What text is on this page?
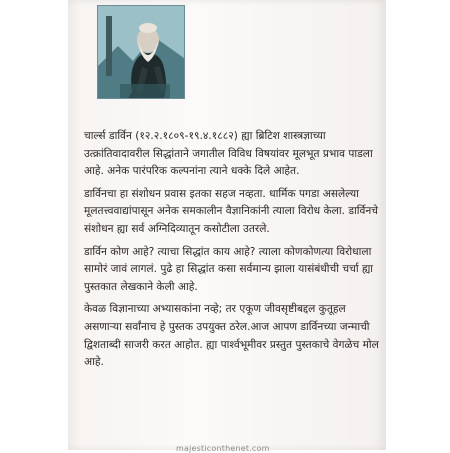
चार्ल्स डार्विन (१२.२.१८०९-१९.४.१८८२) ह्या ब्रिटिश शास्त्रज्ञाच्या उत्क्रांतिवादावरील सिद्धांताने जगातील विविध विषयांवर मूलभूत प्रभाव पाडला आहे. अनेक पारंपरिक कल्पनांना त्याने धक्के दिले आहेत.

डार्विनचा हा संशोधन प्रवास इतका सहज नव्हता. धार्मिक पगडा असलेल्या मूलतत्त्ववाद्यांपासून अनेक समकालीन वैज्ञानिकांनी त्याला विरोध केला. डार्विनचे संशोधन ह्या सर्व अग्निदिव्यातून कसोटीला उतरले.

डार्विन कोण आहे? त्याचा सिद्धांत काय आहे? त्याला कोणकोणत्या विरोधाला सामोरं जावं लागलं. पुढे हा सिद्धांत कसा सर्वमान्य झाला यासंबंधीची चर्चा ह्या पुस्तकात लेखकाने केली आहे.

केवळ विज्ञानाच्या अभ्यासकांना नव्हे; तर एकूण जीवसृष्टीबद्दल कुतूहल असणाऱ्या सर्वांनाच हे पुस्तक उपयुक्त ठरेल.आज आपण डार्विनच्या जन्माची द्विशताब्दी साजरी करत आहोत. ह्या पार्श्वभूमीवर प्रस्तुत पुस्तकाचे वेगळेच मोल आहे.

majesticonthenet.com
